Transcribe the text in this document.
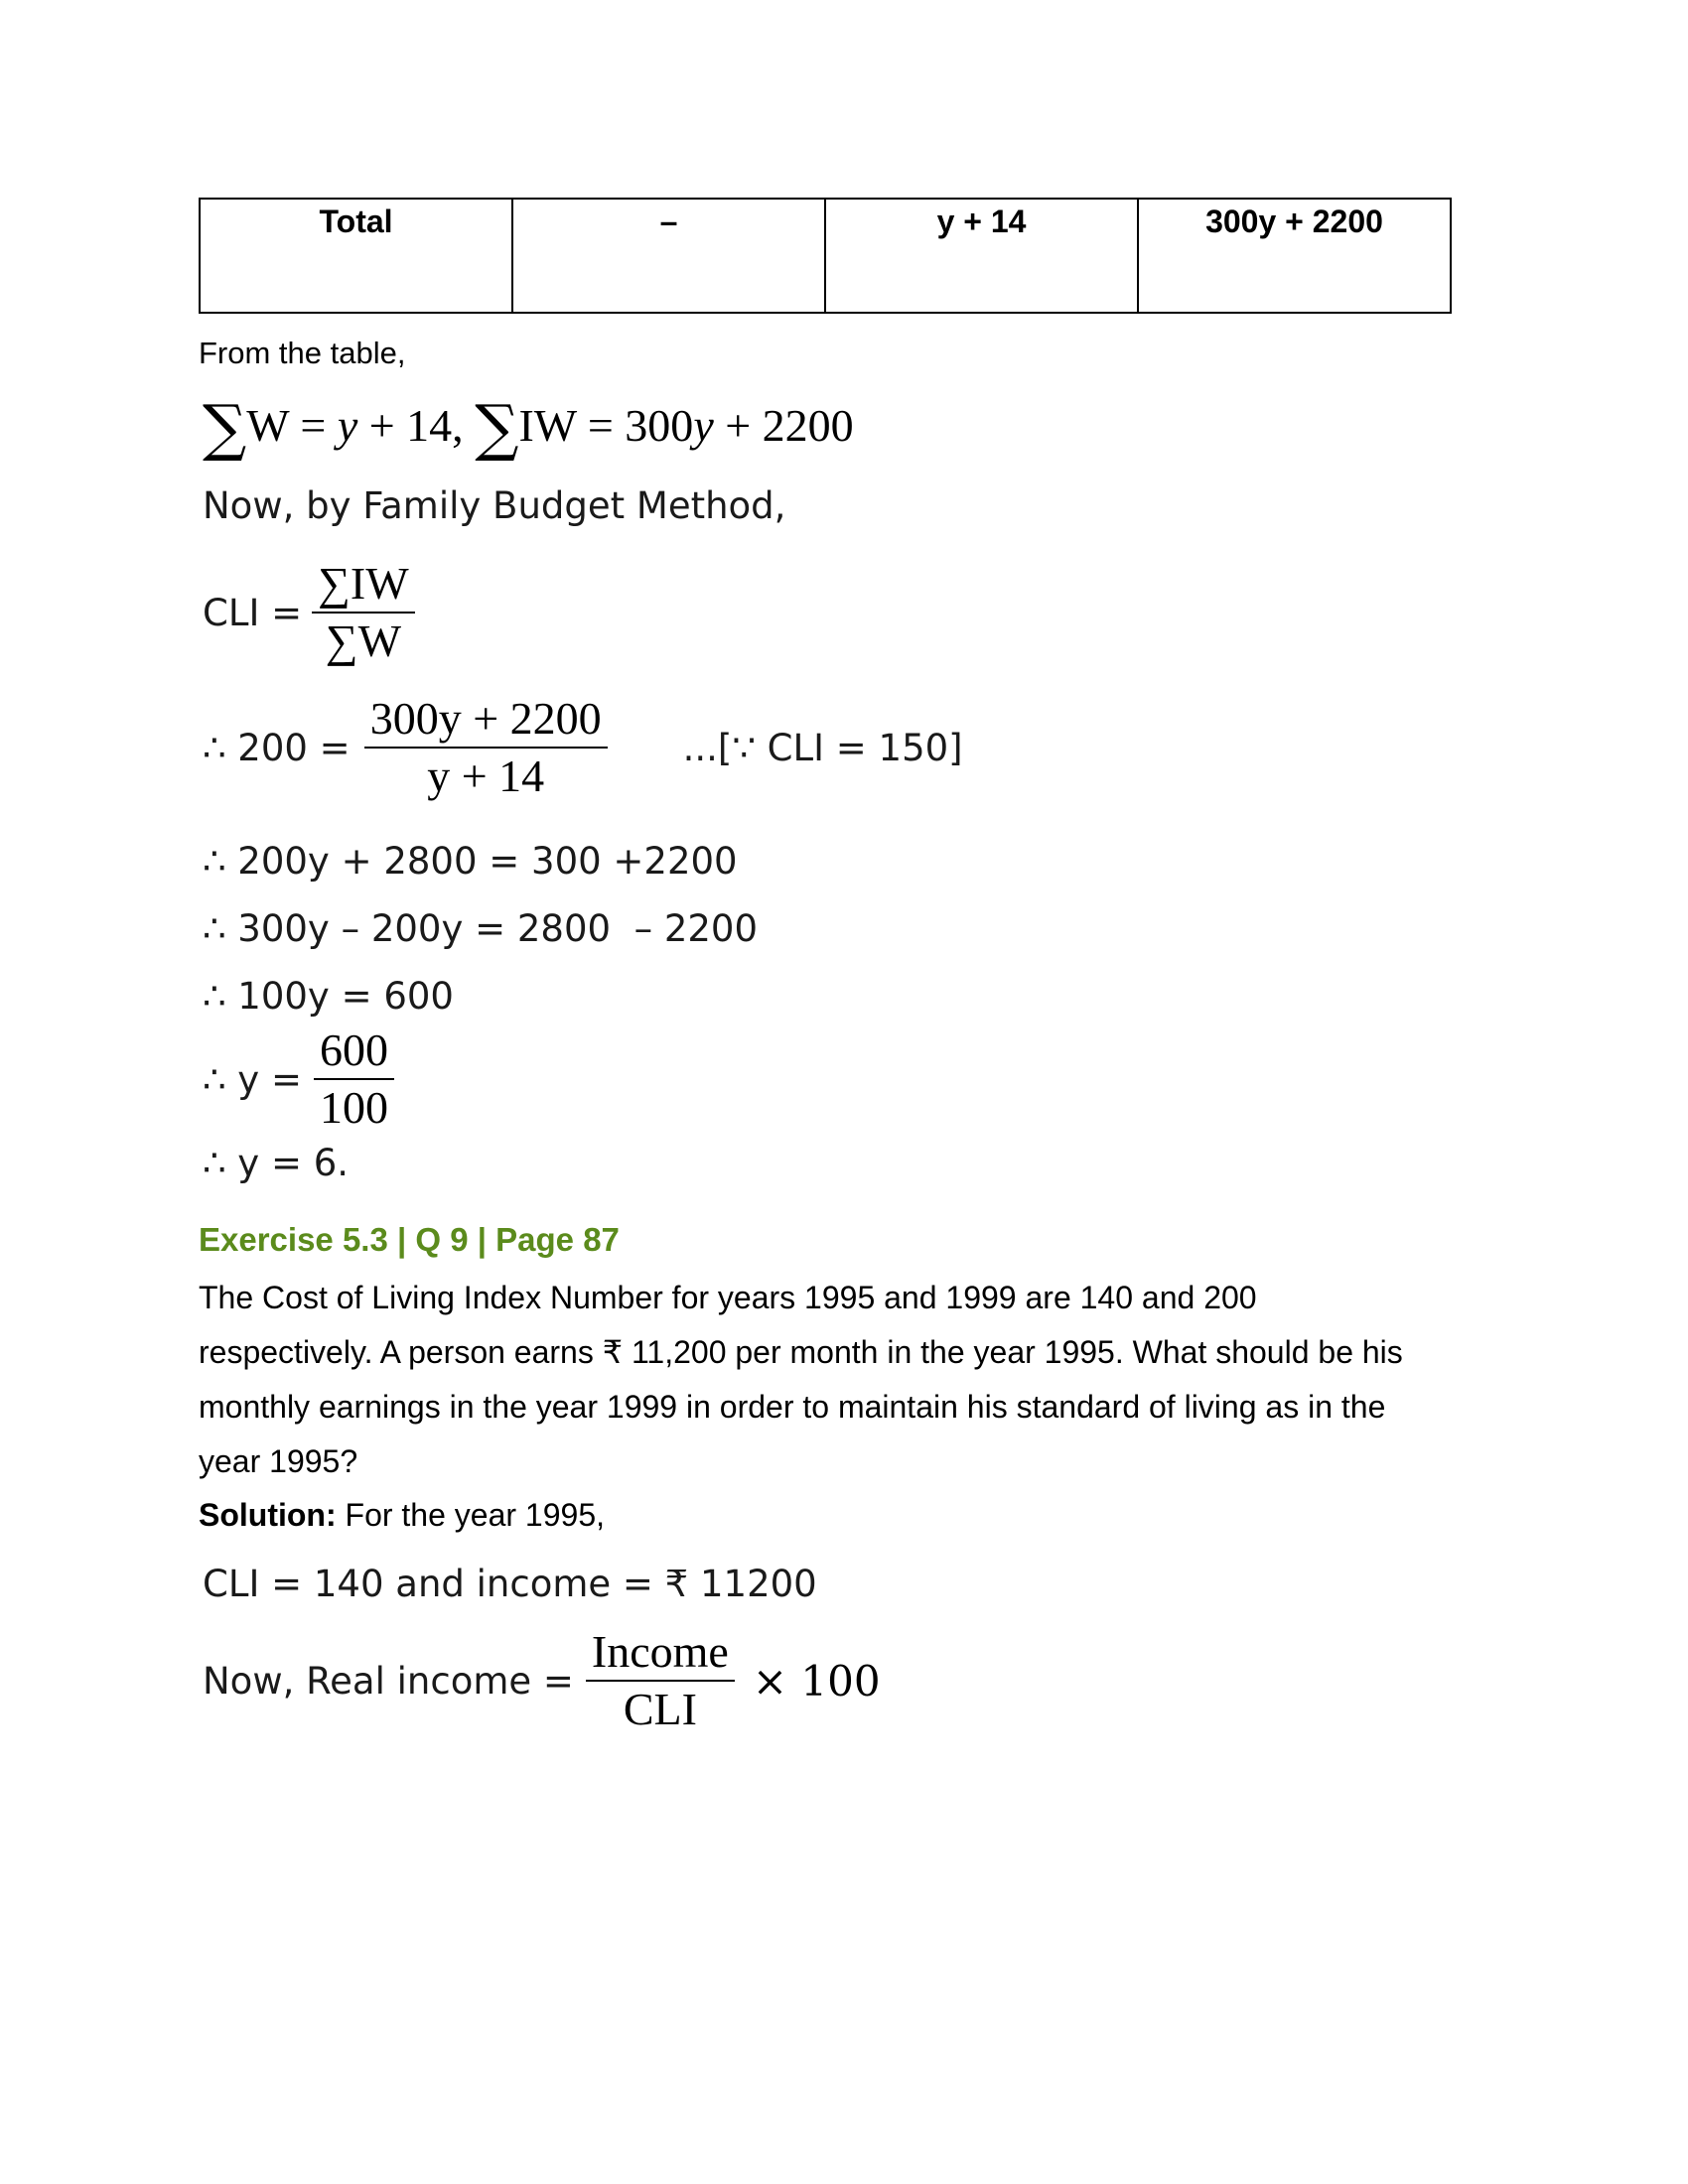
Total	–	y + 14	300y + 2200
From the table,
∑W = y + 14, ∑IW = 300y + 2200
Now, by Family Budget Method,
CLI = $\frac{\sum IW}{\sum W}$
∴ $200 = \frac{300y + 2200}{y + 14}$ ...[∵ CLI = 150]
∴ 200y + 2800 = 300 +2200
∴ 300y – 200y = 2800  – 2200
∴ 100y = 600
∴ $y = \frac{600}{100}$
∴ y = 6.
Exercise 5.3 | Q 9 | Page 87
The Cost of Living Index Number for years 1995 and 1999 are 140 and 200
respectively. A person earns ₹ 11,200 per month in the year 1995. What should be his
monthly earnings in the year 1999 in order to maintain his standard of living as in the
year 1995?
Solution: For the year 1995,
CLI = 140 and income = ₹ 11200
Now, Real income = $\frac{\text{Income}}{\text{CLI}} \times 100$
